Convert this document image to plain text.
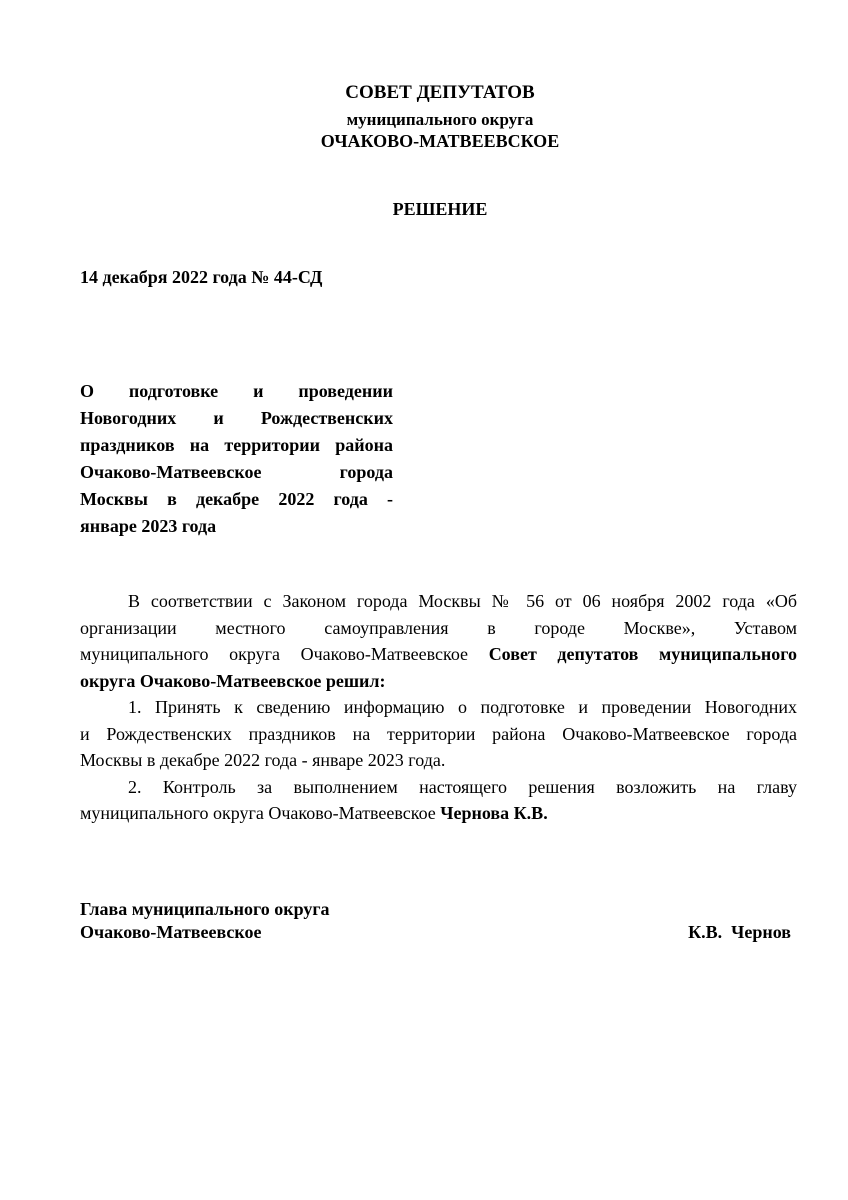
СОВЕТ ДЕПУТАТОВ
муниципального округа
ОЧАКОВО-МАТВЕЕВСКОЕ
РЕШЕНИЕ
14 декабря 2022 года № 44-СД
О подготовке и проведении
Новогодних и Рождественских
праздников на территории района
Очаково-Матвеевское города
Москвы в декабре 2022 года -
январе 2023 года
В соответствии с Законом города Москвы № 56 от 06 ноября 2002 года «Об
организации местного самоуправления в городе Москве», Уставом
муниципального округа Очаково-Матвеевское Совет депутатов муниципального
округа Очаково-Матвеевское решил:
1. Принять к сведению информацию о подготовке и проведении Новогодних
и Рождественских праздников на территории района Очаково-Матвеевское города
Москвы в декабре 2022 года - январе 2023 года.
2. Контроль за выполнением настоящего решения возложить на главу
муниципального округа Очаково-Матвеевское Чернова К.В.
Глава муниципального округа
Очаково-Матвеевское	К.В.  Чернов
